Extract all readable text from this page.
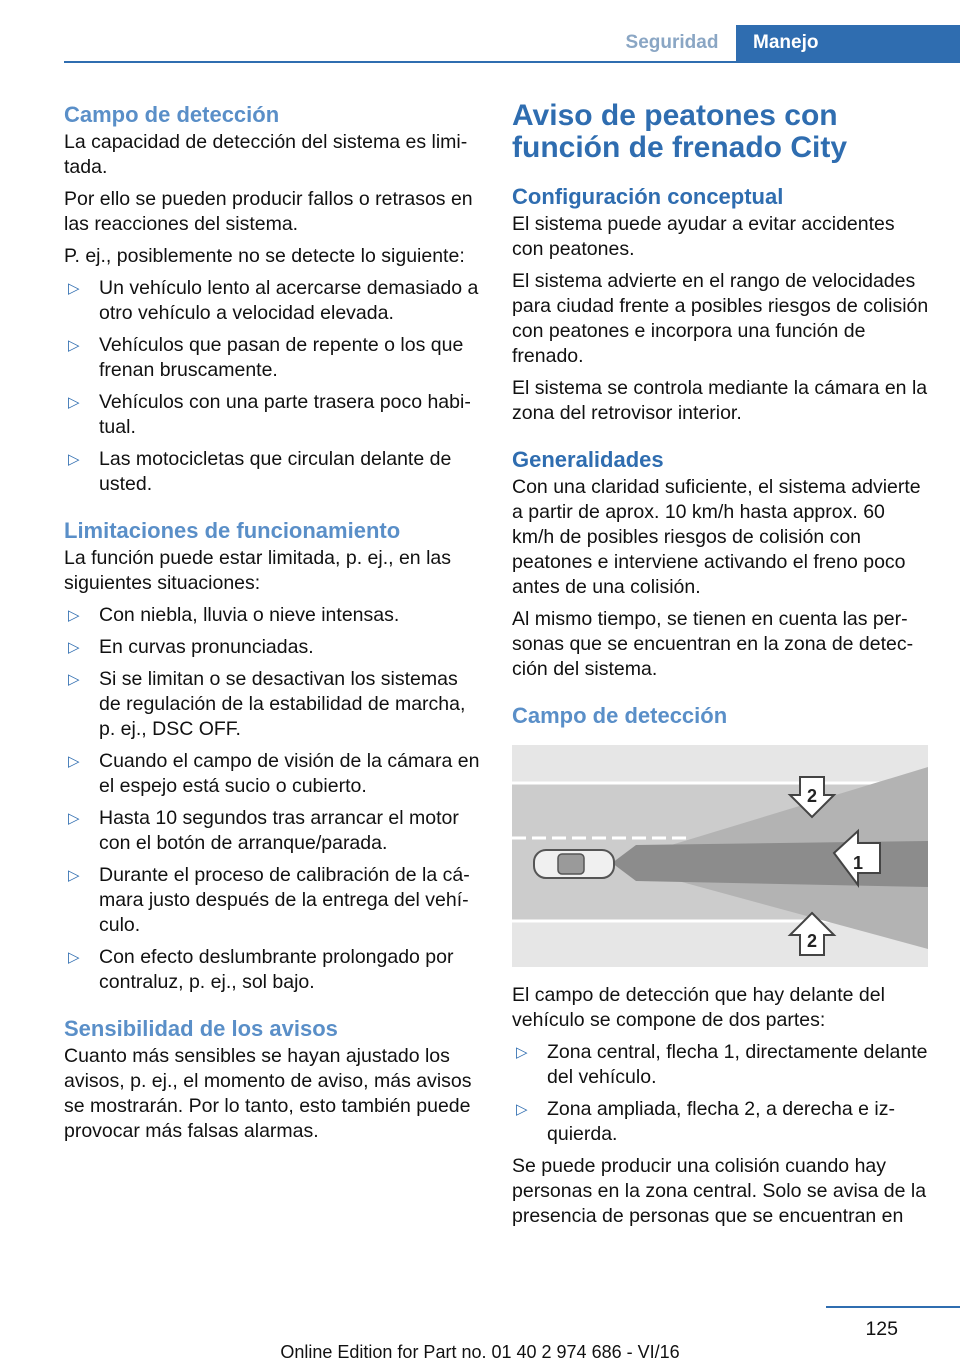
Seguridad	Manejo
Campo de detección

La capacidad de detección del sistema es limitada.

Por ello se pueden producir fallos o retrasos en las reacciones del sistema.

P. ej., posiblemente no se detecte lo siguiente:

▷ Un vehículo lento al acercarse demasiado a otro vehículo a velocidad elevada.
▷ Vehículos que pasan de repente o los que frenan bruscamente.
▷ Vehículos con una parte trasera poco habitual.
▷ Las motocicletas que circulan delante de usted.
Limitaciones de funcionamiento

La función puede estar limitada, p. ej., en las siguientes situaciones:

▷ Con niebla, lluvia o nieve intensas.
▷ En curvas pronunciadas.
▷ Si se limitan o se desactivan los sistemas de regulación de la estabilidad de marcha, p. ej., DSC OFF.
▷ Cuando el campo de visión de la cámara en el espejo está sucio o cubierto.
▷ Hasta 10 segundos tras arrancar el motor con el botón de arranque/parada.
▷ Durante el proceso de calibración de la cámara justo después de la entrega del vehículo.
▷ Con efecto deslumbrante prolongado por contraluz, p. ej., sol bajo.
Sensibilidad de los avisos

Cuanto más sensibles se hayan ajustado los avisos, p. ej., el momento de aviso, más avisos se mostrarán. Por lo tanto, esto también puede provocar más falsas alarmas.

Aviso de peatones con función de frenado City
Configuración conceptual

El sistema puede ayudar a evitar accidentes con peatones.

El sistema advierte en el rango de velocidades para ciudad frente a posibles riesgos de colisión con peatones e incorpora una función de frenado.

El sistema se controla mediante la cámara en la zona del retrovisor interior.

Generalidades

Con una claridad suficiente, el sistema advierte a partir de aprox. 10 km/h hasta approx. 60 km/h de posibles riesgos de colisión con peatones e interviene activando el freno poco antes de una colisión.

Al mismo tiempo, se tienen en cuenta las personas que se encuentran en la zona de detección del sistema.

Campo de detección
2
1
2

El campo de detección que hay delante del vehículo se compone de dos partes:

▷ Zona central, flecha 1, directamente delante del vehículo.
▷ Zona ampliada, flecha 2, a derecha e izquierda.

Se puede producir una colisión cuando hay personas en la zona central. Solo se avisa de la presencia de personas que se encuentran en

125
Online Edition for Part no. 01 40 2 974 686 - VI/16
